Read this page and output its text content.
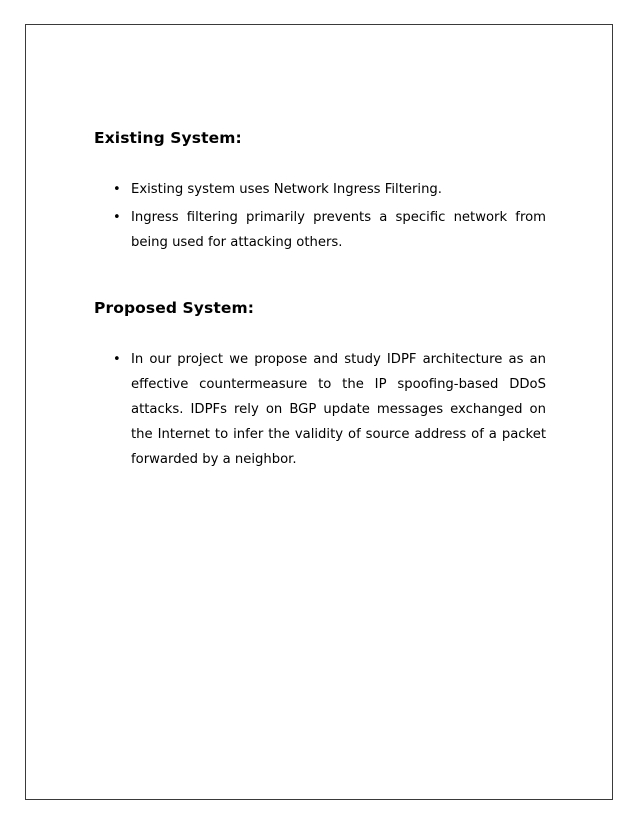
Existing System:
• Existing system uses Network Ingress Filtering.
• Ingress filtering primarily prevents a specific network from being used for attacking others.
Proposed System:
• In our project we propose and study IDPF architecture as an effective countermeasure to the IP spoofing-based DDoS attacks. IDPFs rely on BGP update messages exchanged on the Internet to infer the validity of source address of a packet forwarded by a neighbor.
